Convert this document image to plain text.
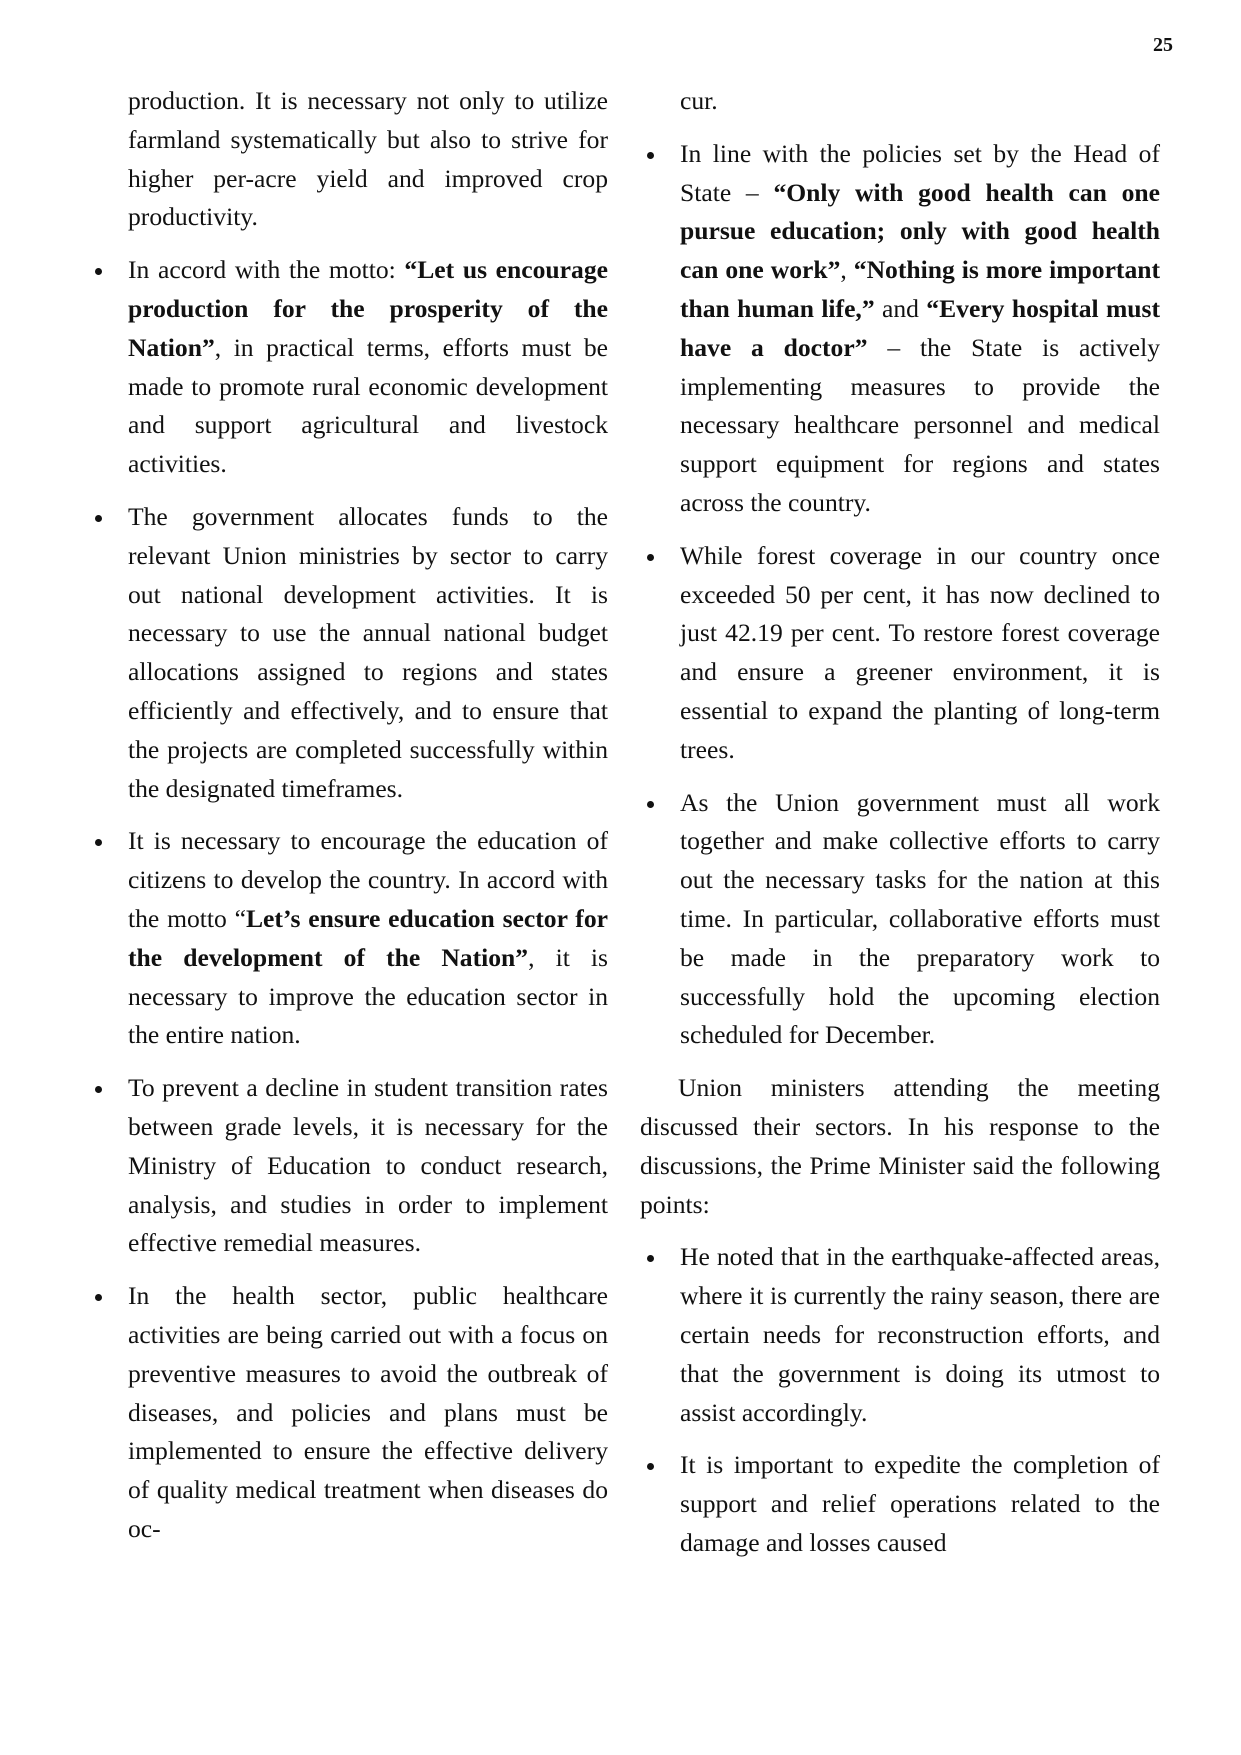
25

production. It is necessary not only to utilize farmland systematically but also to strive for higher per-acre yield and improved crop productivity.

In accord with the motto: “Let us encourage production for the prosperity of the Nation”, in practical terms, efforts must be made to promote rural economic development and support agricultural and livestock activities.
The government allocates funds to the relevant Union ministries by sector to carry out national development activities. It is necessary to use the annual national budget allocations assigned to regions and states efficiently and effectively, and to ensure that the projects are completed successfully within the designated timeframes.
It is necessary to encourage the education of citizens to develop the country. In accord with the motto “Let’s ensure education sector for the development of the Nation”, it is necessary to improve the education sector in the entire nation.
To prevent a decline in student transition rates between grade levels, it is necessary for the Ministry of Education to conduct research, analysis, and studies in order to implement effective remedial measures.
In the health sector, public healthcare activities are being carried out with a focus on preventive measures to avoid the outbreak of diseases, and policies and plans must be implemented to ensure the effective delivery of quality medical treatment when diseases do oc-

cur.

In line with the policies set by the Head of State – “Only with good health can one pursue education; only with good health can one work”, “Nothing is more important than human life,” and “Every hospital must have a doctor” – the State is actively implementing measures to provide the necessary healthcare personnel and medical support equipment for regions and states across the country.
While forest coverage in our country once exceeded 50 per cent, it has now declined to just 42.19 per cent. To restore forest coverage and ensure a greener environment, it is essential to expand the planting of long-term trees.
As the Union government must all work together and make collective efforts to carry out the necessary tasks for the nation at this time. In particular, collaborative efforts must be made in the preparatory work to successfully hold the upcoming election scheduled for December.

Union ministers attending the meeting discussed their sectors. In his response to the discussions, the Prime Minister said the following points:

He noted that in the earthquake-affected areas, where it is currently the rainy season, there are certain needs for reconstruction efforts, and that the government is doing its utmost to assist accordingly.
It is important to expedite the completion of support and relief operations related to the damage and losses caused
